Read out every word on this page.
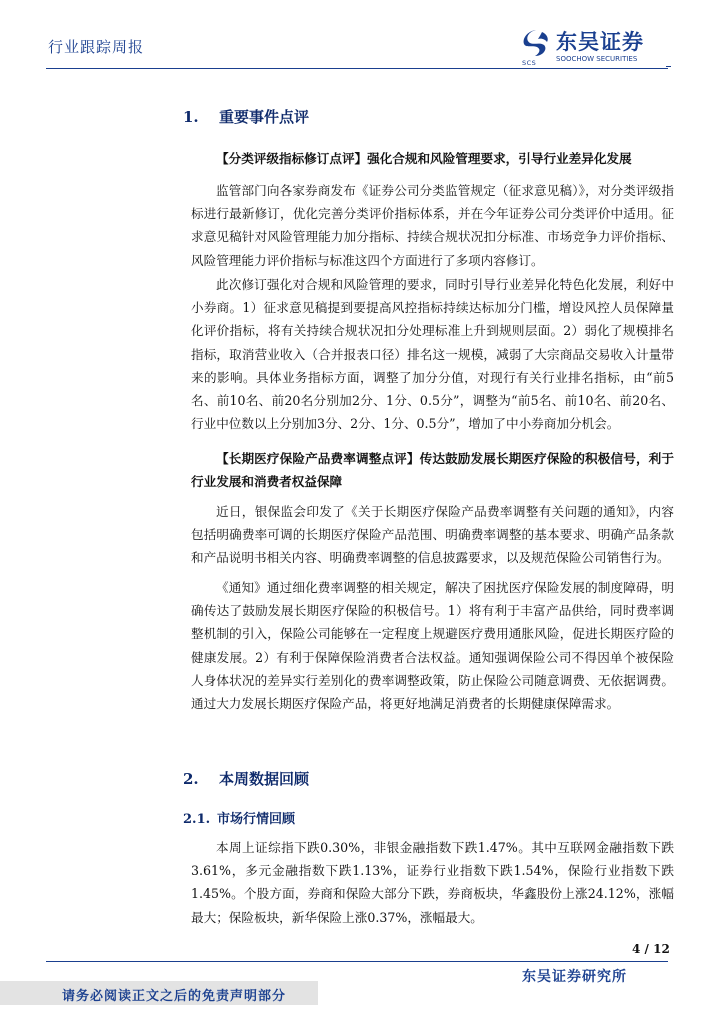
行业跟踪周报	东吴证券
SCS	SOOCHOW SECURITIES
1. 重要事件点评
【分类评级指标修订点评】强化合规和风险管理要求，引导行业差异化发展
监管部门向各家券商发布《证券公司分类监管规定（征求意见稿）》，对分类评级指标进行最新修订，优化完善分类评价指标体系，并在今年证券公司分类评价中适用。征求意见稿针对风险管理能力加分指标、持续合规状况扣分标准、市场竞争力评价指标、风险管理能力评价指标与标准这四个方面进行了多项内容修订。
此次修订强化对合规和风险管理的要求，同时引导行业差异化特色化发展，利好中小券商。1）征求意见稿提到要提高风控指标持续达标加分门槛，增设风控人员保障量化评价指标，将有关持续合规状况扣分处理标准上升到规则层面。2）弱化了规模排名指标，取消营业收入（合并报表口径）排名这一规模，减弱了大宗商品交易收入计量带来的影响。具体业务指标方面，调整了加分分值，对现行有关行业排名指标，由“前5名、前10名、前20名分别加2分、1分、0.5分”，调整为“前5名、前10名、前20名、行业中位数以上分别加3分、2分、1分、0.5分”，增加了中小券商加分机会。
【长期医疗保险产品费率调整点评】传达鼓励发展长期医疗保险的积极信号，利于行业发展和消费者权益保障
近日，银保监会印发了《关于长期医疗保险产品费率调整有关问题的通知》，内容包括明确费率可调的长期医疗保险产品范围、明确费率调整的基本要求、明确产品条款和产品说明书相关内容、明确费率调整的信息披露要求，以及规范保险公司销售行为。
《通知》通过细化费率调整的相关规定，解决了困扰医疗保险发展的制度障碍，明确传达了鼓励发展长期医疗保险的积极信号。1）将有利于丰富产品供给，同时费率调整机制的引入，保险公司能够在一定程度上规避医疗费用通胀风险，促进长期医疗险的健康发展。2）有利于保障保险消费者合法权益。通知强调保险公司不得因单个被保险人身体状况的差异实行差别化的费率调整政策，防止保险公司随意调费、无依据调费。通过大力发展长期医疗保险产品，将更好地满足消费者的长期健康保障需求。
2. 本周数据回顾
2.1. 市场行情回顾
本周上证综指下跌0.30%，非银金融指数下跌1.47%。其中互联网金融指数下跌3.61%，多元金融指数下跌1.13%，证券行业指数下跌1.54%，保险行业指数下跌1.45%。个股方面，券商和保险大部分下跌，券商板块，华鑫股份上涨24.12%，涨幅最大；保险板块，新华保险上涨0.37%，涨幅最大。
4 / 12
东吴证券研究所
请务必阅读正文之后的免责声明部分
